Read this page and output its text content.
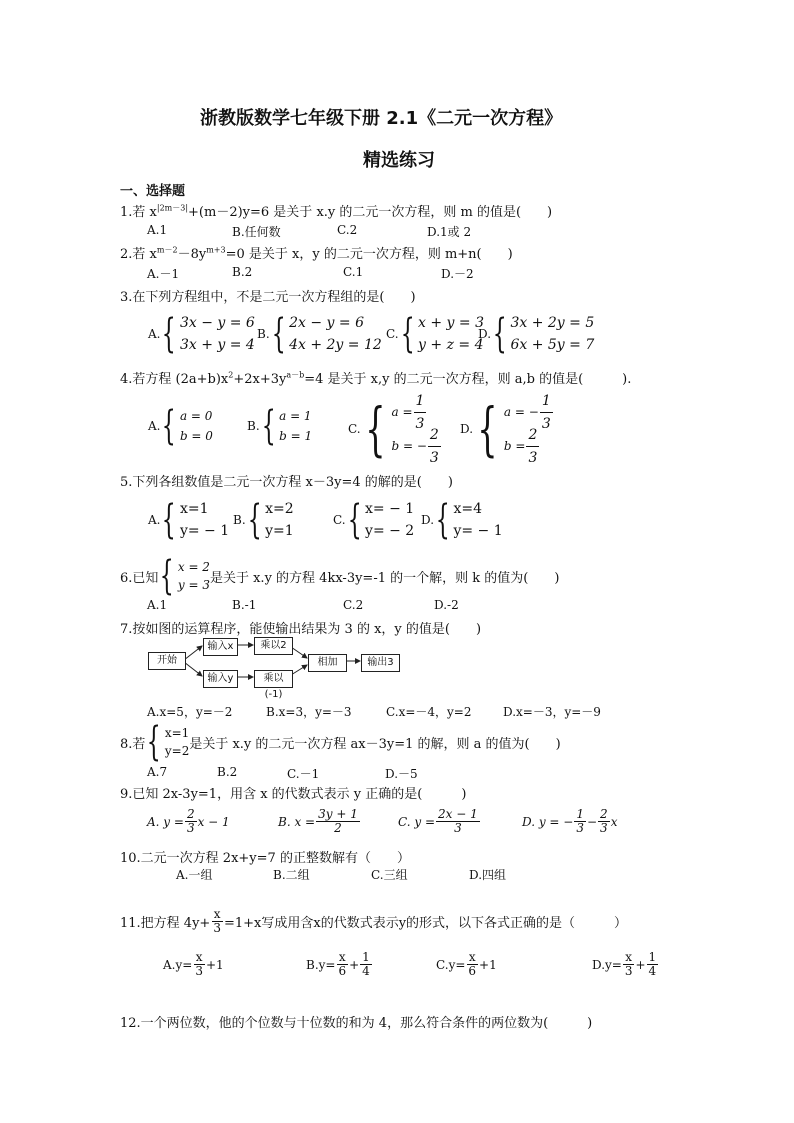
浙教版数学七年级下册 2.1《二元一次方程》
精选练习
一、选择题
1.若 $x^{|2m-3|}+(m-2)y=6$ 是关于 x.y 的二元一次方程，则 m 的值是(　　)
A.1	B.任何数	C.2	D.1或 2
2.若 $x^{m-2}-8y^{m+3}=0$ 是关于 x，y 的二元一次方程，则 m+n(　　)
A.－1	B.2	C.1	D.－2
3.在下列方程组中，不是二元一次方程组的是(　　)
A. { 3x − y = 6
3x + y = 4
B. { 2x − y = 6
4x + 2y = 12
C. { x + y = 3
y + z = 4
D. { 3x + 2y = 5
6x + 5y = 7
4.若方程 $(2a+b)x^2+2x+3y^{a-b}=4$ 是关于 x,y 的二元一次方程，则 a,b 的值是(　　　).
A. { a = 0
b = 0
B. { a = 1
b = 1	C. { $a = \frac{1}{3}$
b = − $\frac{2}{3} D$. { a = − $\frac{1}{3}$
$b = \frac{2}{3}$
5.下列各组数值是二元一次方程 x－3y=4 的解的是(　　)
A. { x=1
y= − 1
B. { x=2
y=1
C. { x= − 1
y= − 2
D. { x=4
y= − 1
6.已知 { x = 2
y = 3 是关于 x.y 的方程 4kx-3y=-1 的一个解，则 k 的值为(　　)
A.1	B.-1	C.2	D.-2
7.按如图的运算程序，能使输出结果为 3 的 x，y 的值是(　　)
开始
输入x
输入y
乘以2
乘以(-1)
相加	输出3
A.x=5，y=－2	B.x=3，y=－3	C.x=－4，y=2	D.x=－3，y=－9
8.若 { x=1
y=2 是关于 x.y 的二元一次方程 ax－3y=1 的解，则 a 的值为(　　)
A.7	B.2	C.－1	D.－5
9.已知 2x-3y=1，用含 x 的代数式表示 y 正确的是(　　　)
A. $y = \frac{2}{3}$ x − 1	B. $x = \frac{3y + 1}{2}$	C. $y = \frac{2x - 1}{3}$	D. y = − $\frac{1}{3} - \frac{2}{3}$ x
10.二元一次方程 2x+y=7 的正整数解有（　　）
A.一组	B.二组	C.三组	D.四组
11.把方程 $4y+ \frac{x}{3} =1+x$写成用含x的代数式表示y的形式，以下各式正确的是（　　　）
$A.y= \frac{x}{3} +1$	$B.y= \frac{x}{6} + \frac{1}{4}$	$C.y= \frac{x}{6} +1$	$D.y= \frac{x}{3} + \frac{1}{4}$
12.一个两位数，他的个位数与十位数的和为 4，那么符合条件的两位数为(　　　)
